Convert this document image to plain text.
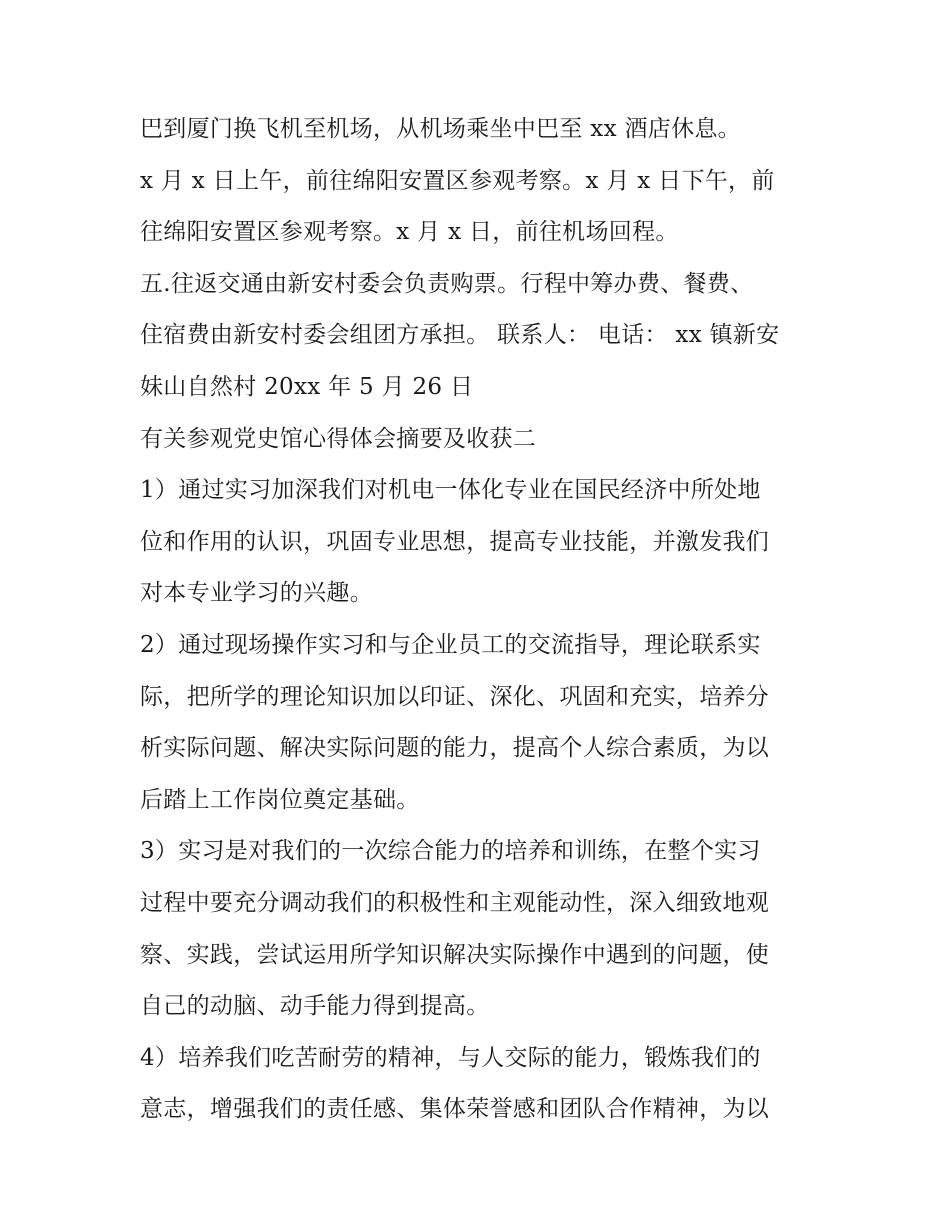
巴到厦门换飞机至机场，从机场乘坐中巴至 xx 酒店休息。
x 月 x 日上午，前往绵阳安置区参观考察。x 月 x 日下午，前
往绵阳安置区参观考察。x 月 x 日，前往机场回程。
五.往返交通由新安村委会负责购票。行程中筹办费、餐费、
住宿费由新安村委会组团方承担。 联系人： 电话： xx 镇新安
妹山自然村 20xx 年 5 月 26 日
有关参观党史馆心得体会摘要及收获二
1）通过实习加深我们对机电一体化专业在国民经济中所处地
位和作用的认识，巩固专业思想，提高专业技能，并激发我们
对本专业学习的兴趣。
2）通过现场操作实习和与企业员工的交流指导，理论联系实
际，把所学的理论知识加以印证、深化、巩固和充实，培养分
析实际问题、解决实际问题的能力，提高个人综合素质，为以
后踏上工作岗位奠定基础。
3）实习是对我们的一次综合能力的培养和训练，在整个实习
过程中要充分调动我们的积极性和主观能动性，深入细致地观
察、实践，尝试运用所学知识解决实际操作中遇到的问题，使
自己的动脑、动手能力得到提高。
4）培养我们吃苦耐劳的精神，与人交际的能力，锻炼我们的
意志，增强我们的责任感、集体荣誉感和团队合作精神，为以
